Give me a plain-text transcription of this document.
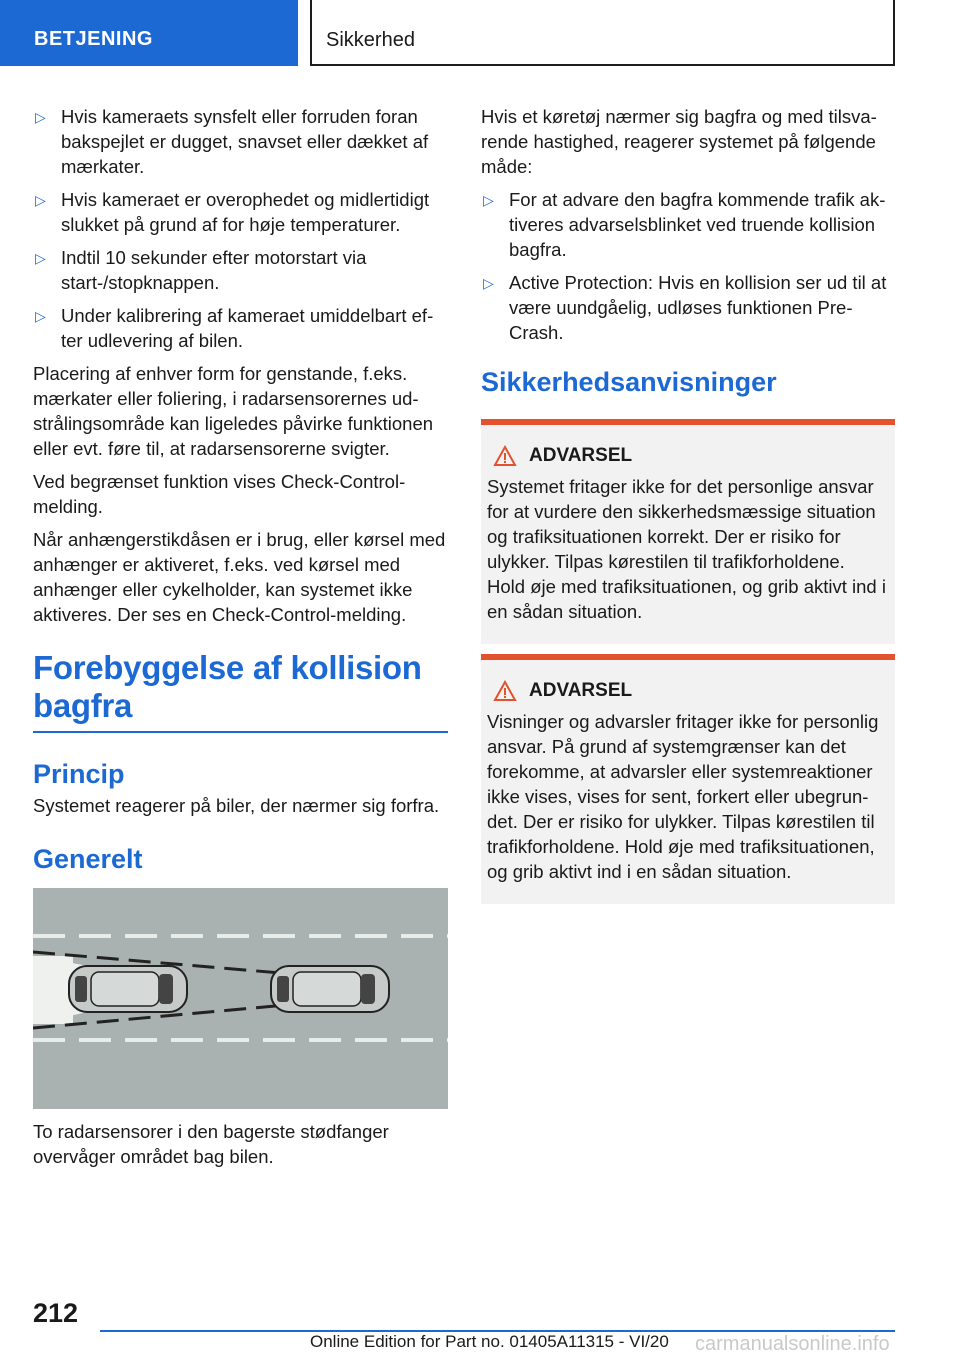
BETJENING	Sikkerhed
▷ Hvis kameraets synsfelt eller forruden foran bakspejlet er dugget, snavset eller dækket af mærkater.
▷ Hvis kameraet er overophedet og midlertidigt slukket på grund af for høje temperaturer.
▷ Indtil 10 sekunder efter motorstart via start-/stopknappen.
▷ Under kalibrering af kameraet umiddelbart efter udlevering af bilen.

Placering af enhver form for genstande, f.eks. mærkater eller foliering, i radarsensorernes udstrålingsområde kan ligeledes påvirke funktionen eller evt. føre til, at radarsensorerne svigter.

Ved begrænset funktion vises Check-Control-melding.

Når anhængerstikdåsen er i brug, eller kørsel med anhænger er aktiveret, f.eks. ved kørsel med anhænger eller cykelholder, kan systemet ikke aktiveres. Der ses en Check-Control-melding.

Forebyggelse af kollision bagfra
Princip

Systemet reagerer på biler, der nærmer sig forfra.

Generelt

To radarsensorer i den bagerste stødfanger overvåger området bag bilen.

Hvis et køretøj nærmer sig bagfra og med tilsvarende hastighed, reagerer systemet på følgende måde:

▷ For at advare den bagfra kommende trafik aktiveres advarselsblinket ved truende kollision bagfra.
▷ Active Protection: Hvis en kollision ser ud til at være uundgåelig, udløses funktionen Pre-Crash.
Sikkerhedsanvisninger
ADVARSEL

Systemet fritager ikke for det personlige ansvar for at vurdere den sikkerhedsmæssige situation og trafiksituationen korrekt. Der er risiko for ulykker. Tilpas kørestilen til trafikforholdene. Hold øje med trafiksituationen, og grib aktivt ind i en sådan situation.

ADVARSEL

Visninger og advarsler fritager ikke for personlig ansvar. På grund af systemgrænser kan det forekomme, at advarsler eller systemreaktioner ikke vises, vises for sent, forkert eller ubegrundet. Der er risiko for ulykker. Tilpas kørestilen til trafikforholdene. Hold øje med trafiksituationen, og grib aktivt ind i en sådan situation.

212
Online Edition for Part no. 01405A11315 - VI/20 carmanualsonline.info
